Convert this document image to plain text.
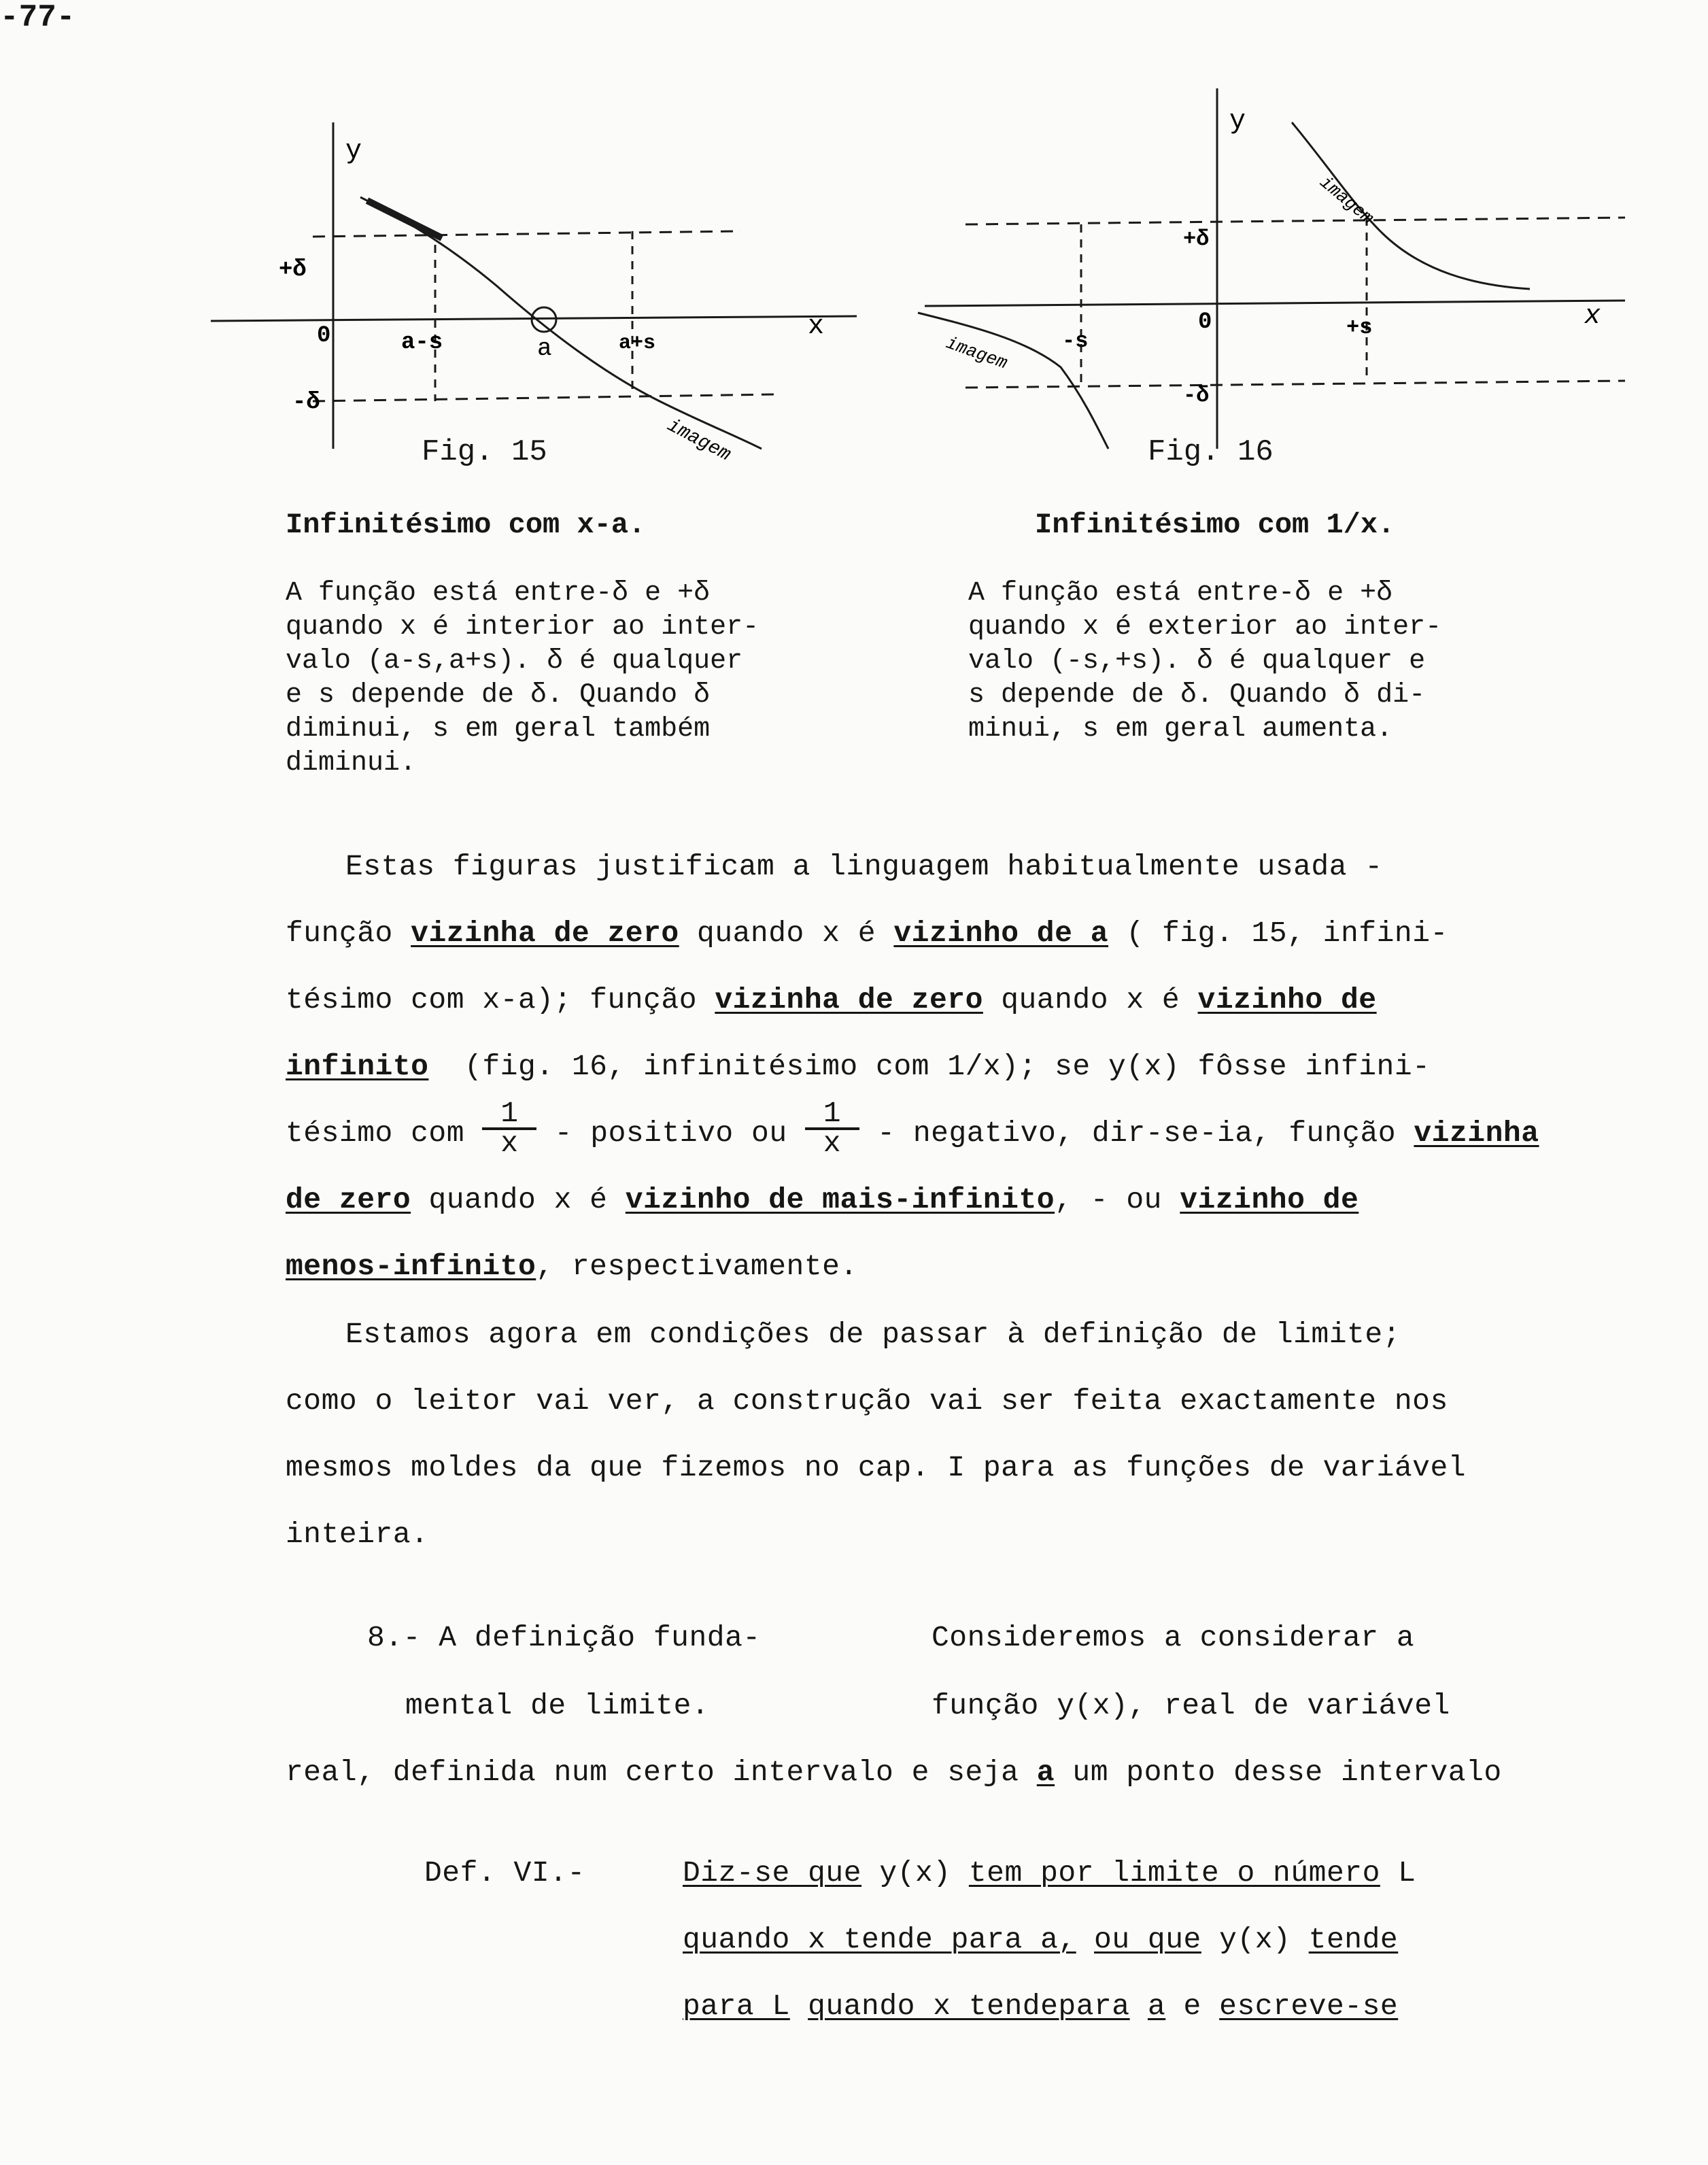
-77-
y
x
0	a-s	a	a+s
+δ
-δ
imagem
Fig. 15
y
x
0
+δ
-δ
-s
+s
imagem
imagem
Fig. 16
Infinitésimo com x-a.	Infinitésimo com 1/x.
A função está entre-δ e +δ
quando x é interior ao inter-
valo (a-s,a+s). δ é qualquer
e s depende de δ. Quando δ
diminui, s em geral também
diminui.
A função está entre-δ e +δ
quando x é exterior ao inter-
valo (-s,+s). δ é qualquer e
s depende de δ. Quando δ di-
minui, s em geral aumenta.
Estas figuras justificam a linguagem habitualmente usada -
função vizinha de zero quando x é vizinho de a ( fig. 15, infini-
tésimo com x-a); função vizinha de zero quando x é vizinho de
infinito  (fig. 16, infinitésimo com 1/x); se y(x) fôsse infini-
tésimo com
$\frac{1}{x}$
- positivo ou
$\frac{1}{x}$
- negativo, dir-se-ia, função vizinha
de zero quando x é vizinho de mais-infinito, - ou vizinho de
menos-infinito, respectivamente.
Estamos agora em condições de passar à definição de limite;
como o leitor vai ver, a construção vai ser feita exactamente nos
mesmos moldes da que fizemos no cap. I para as funções de variável
inteira.
8.- A definição funda-
mental de limite.
Consideremos a considerar a
função y(x), real de variável
real, definida num certo intervalo e seja a um ponto desse intervalo
Def. VI.-	Diz-se que y(x) tem por limite o número L
quando x tende para a, ou que y(x) tende
para L quando x tendepara a e escreve-se
